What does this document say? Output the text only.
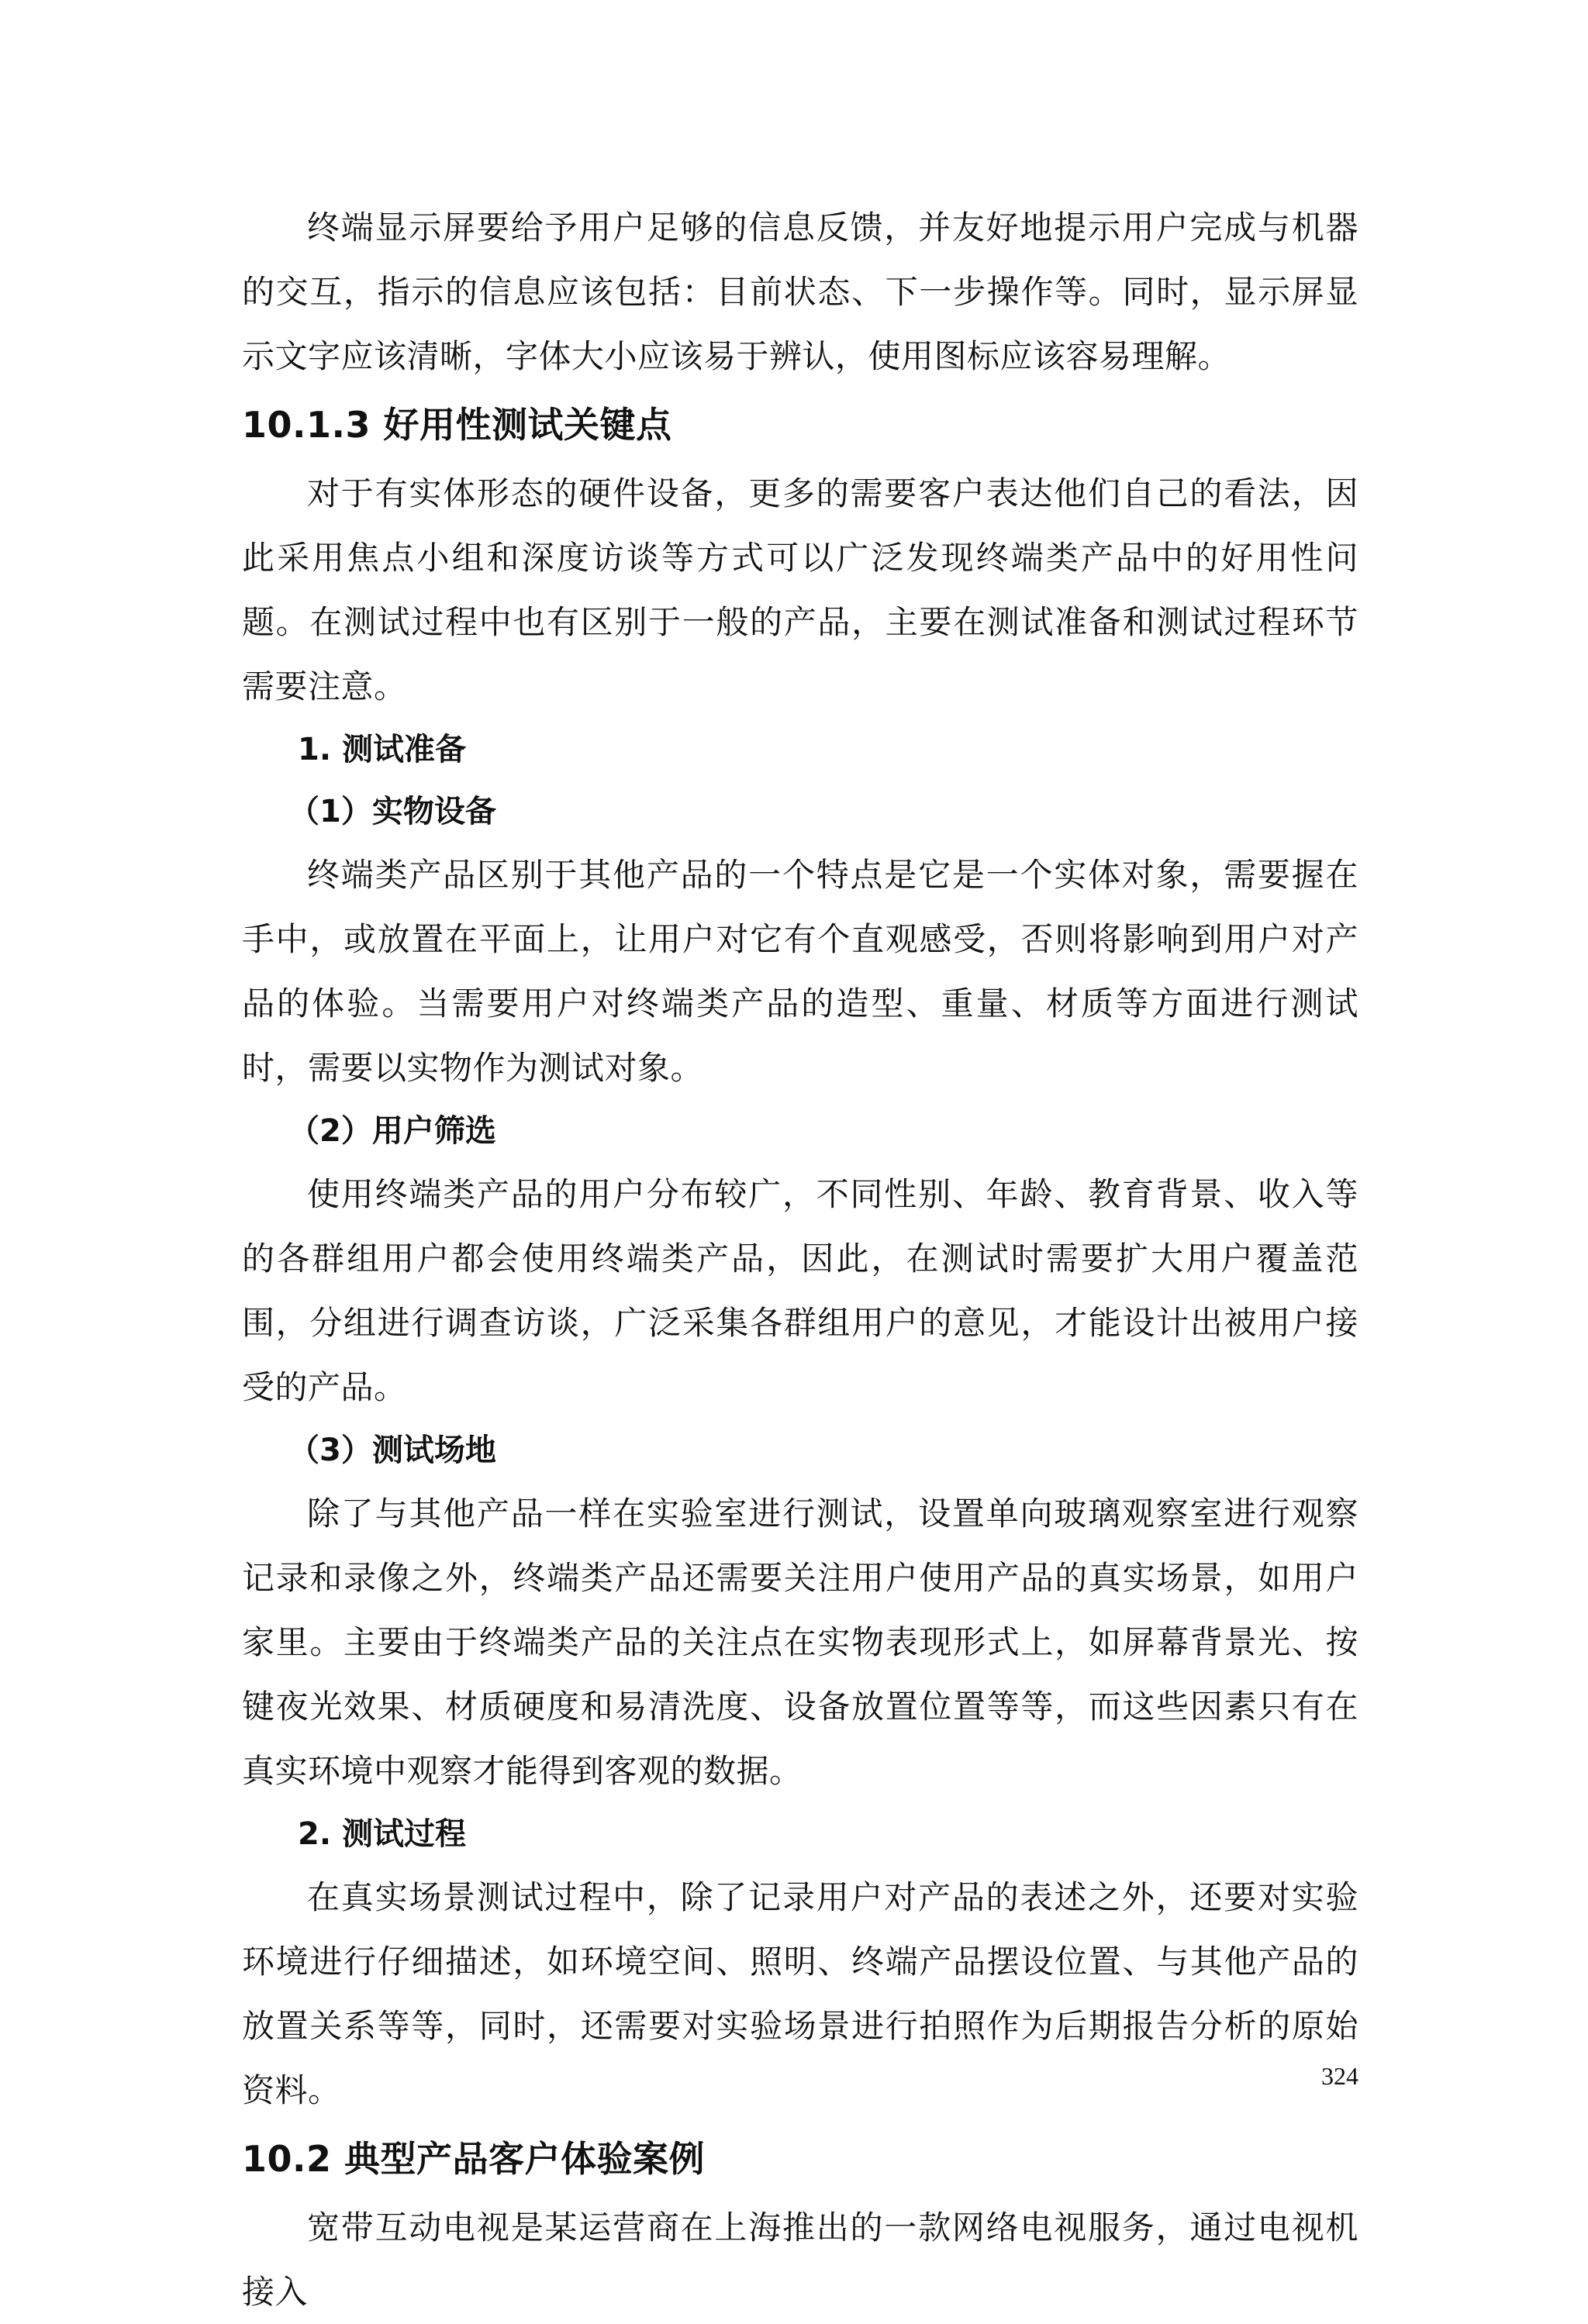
终端显示屏要给予用户足够的信息反馈，并友好地提示用户完成与机器的交互，指示的信息应该包括：目前状态、下一步操作等。同时，显示屏显示文字应该清晰，字体大小应该易于辨认，使用图标应该容易理解。

10.1.3 好用性测试关键点

对于有实体形态的硬件设备，更多的需要客户表达他们自己的看法，因此采用焦点小组和深度访谈等方式可以广泛发现终端类产品中的好用性问题。在测试过程中也有区别于一般的产品，主要在测试准备和测试过程环节需要注意。

1. 测试准备
（1）实物设备

终端类产品区别于其他产品的一个特点是它是一个实体对象，需要握在手中，或放置在平面上，让用户对它有个直观感受，否则将影响到用户对产品的体验。当需要用户对终端类产品的造型、重量、材质等方面进行测试时，需要以实物作为测试对象。

（2）用户筛选

使用终端类产品的用户分布较广，不同性别、年龄、教育背景、收入等的各群组用户都会使用终端类产品，因此，在测试时需要扩大用户覆盖范围，分组进行调查访谈，广泛采集各群组用户的意见，才能设计出被用户接受的产品。

（3）测试场地

除了与其他产品一样在实验室进行测试，设置单向玻璃观察室进行观察记录和录像之外，终端类产品还需要关注用户使用产品的真实场景，如用户家里。主要由于终端类产品的关注点在实物表现形式上，如屏幕背景光、按键夜光效果、材质硬度和易清洗度、设备放置位置等等，而这些因素只有在真实环境中观察才能得到客观的数据。

2. 测试过程

在真实场景测试过程中，除了记录用户对产品的表述之外，还要对实验环境进行仔细描述，如环境空间、照明、终端产品摆设位置、与其他产品的放置关系等等，同时，还需要对实验场景进行拍照作为后期报告分析的原始资料。

10.2 典型产品客户体验案例

宽带互动电视是某运营商在上海推出的一款网络电视服务，通过电视机接入

324
